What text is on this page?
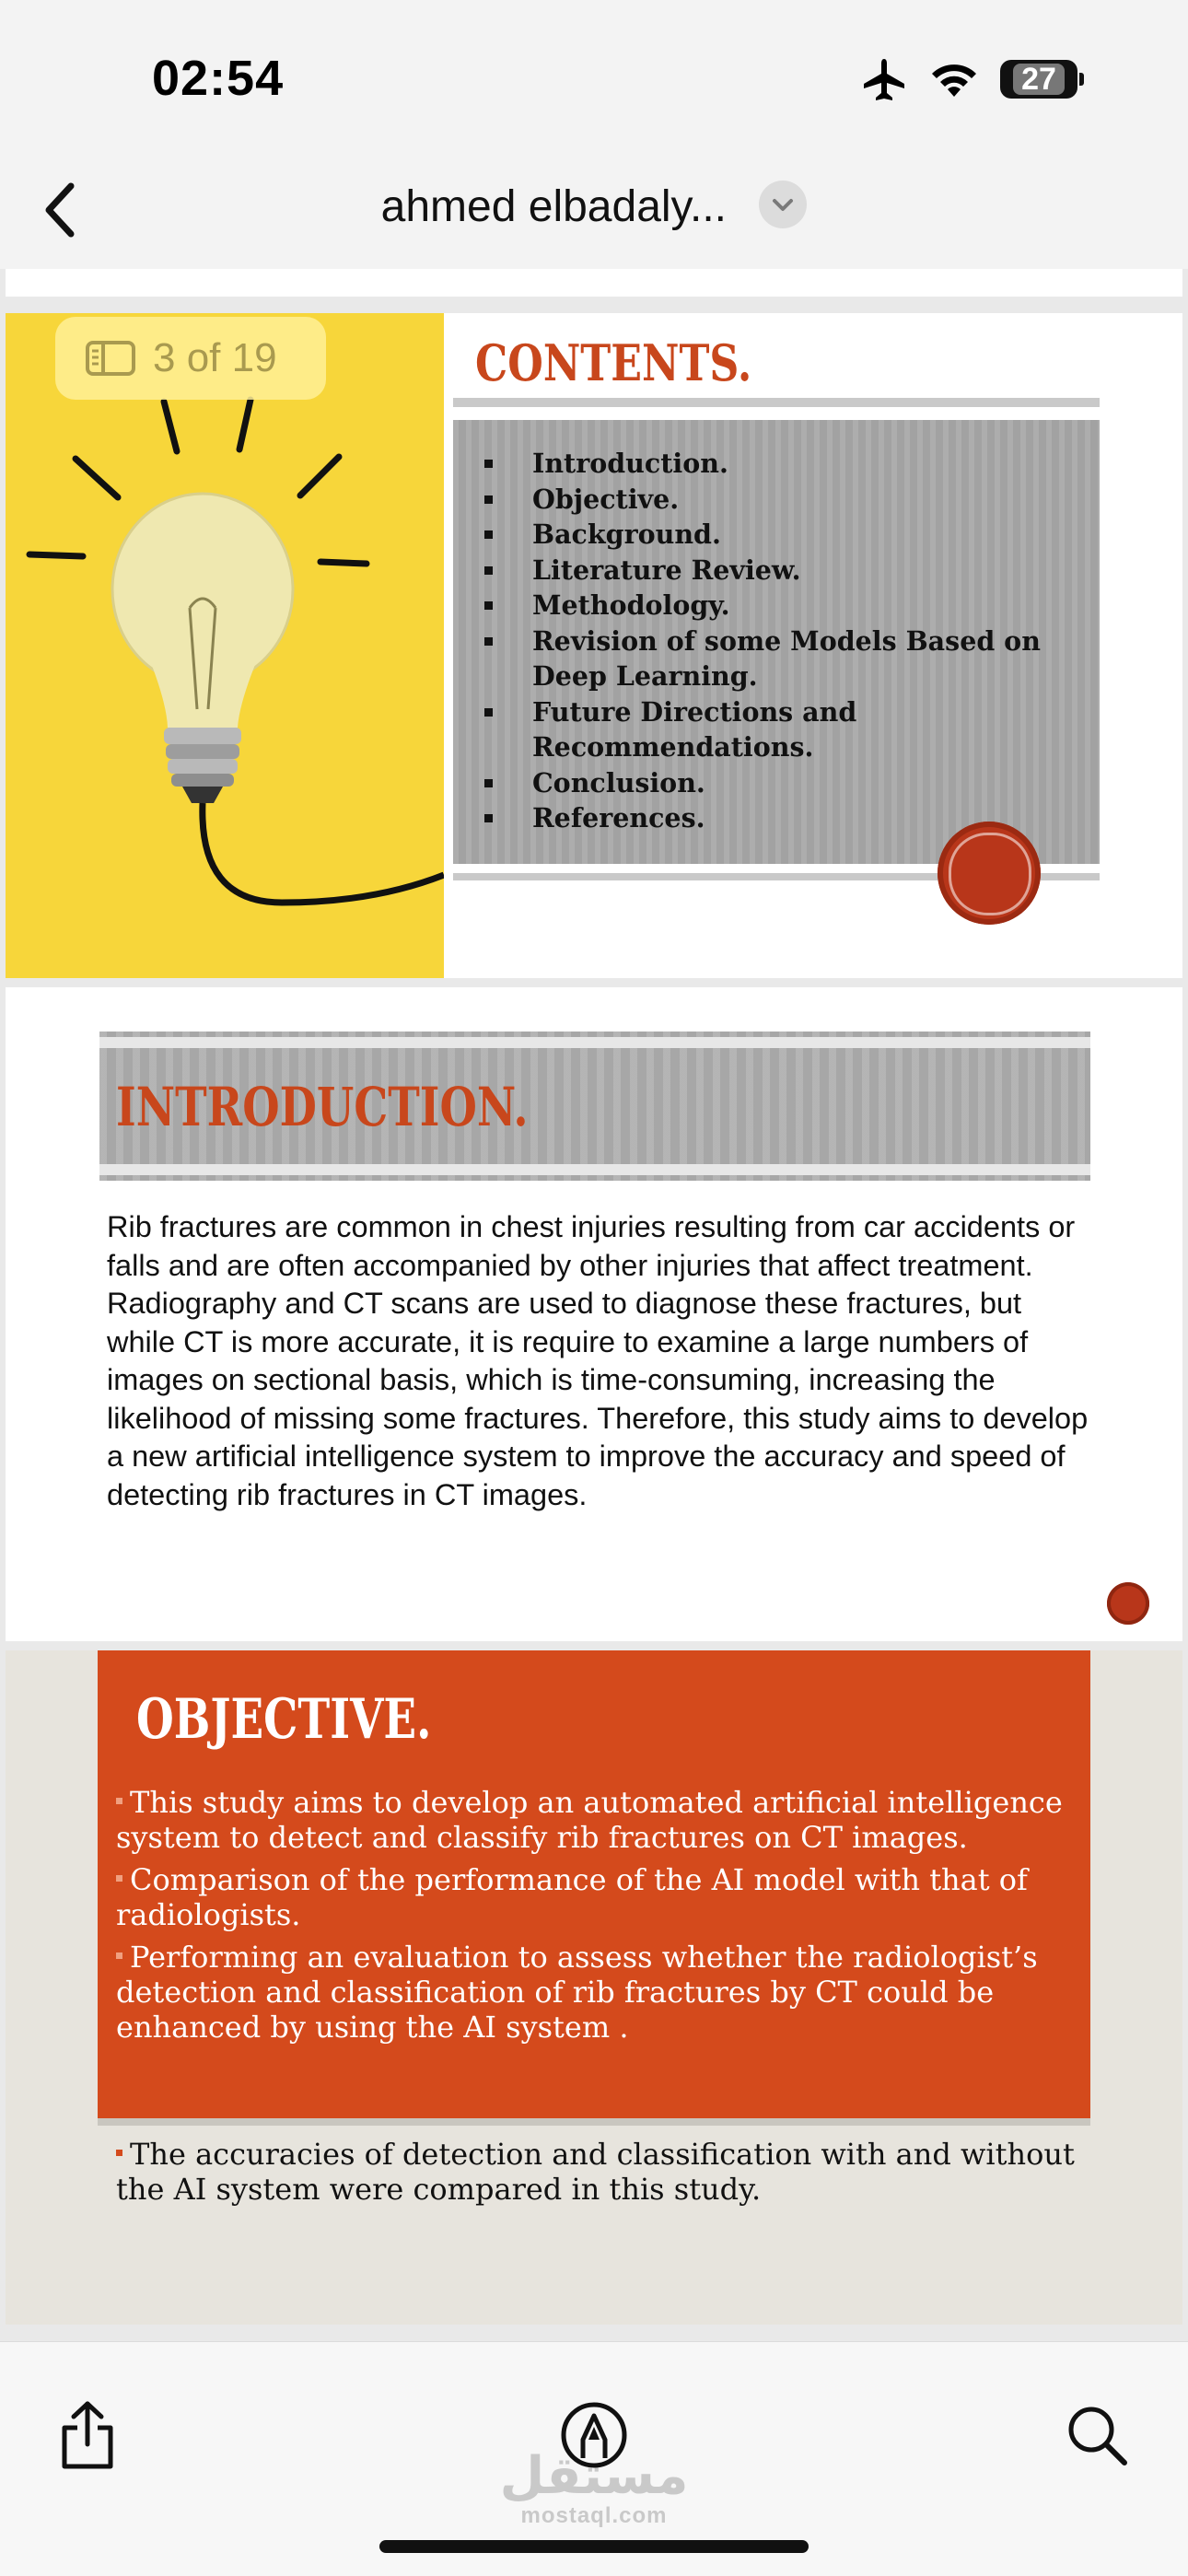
02:54	27
ahmed elbadaly...
3 of 19	CONTENTS.
Introduction.
Objective.
Background.
Literature Review.
Methodology.
Revision of some Models Based on Deep Learning.
Future Directions and Recommendations.
Conclusion.
References.
INTRODUCTION.

Rib fractures are common in chest injuries resulting from car accidents or falls and are often accompanied by other injuries that affect treatment. Radiography and CT scans are used to diagnose these fractures, but while CT is more accurate, it is require to examine a large numbers of images on sectional basis, which is time-consuming, increasing the likelihood of missing some fractures. Therefore, this study aims to develop a new artificial intelligence system to improve the accuracy and speed of detecting rib fractures in CT images.

OBJECTIVE.
This study aims to develop an automated artificial intelligence system to detect and classify rib fractures on CT images.
Comparison of the performance of the AI model with that of radiologists.
Performing an evaluation to assess whether the radiologist’s detection and classification of rib fractures by CT could be enhanced by using the AI system .

The accuracies of detection and classification with and without the AI system were compared in this study.

مستقل
mostaql.com
